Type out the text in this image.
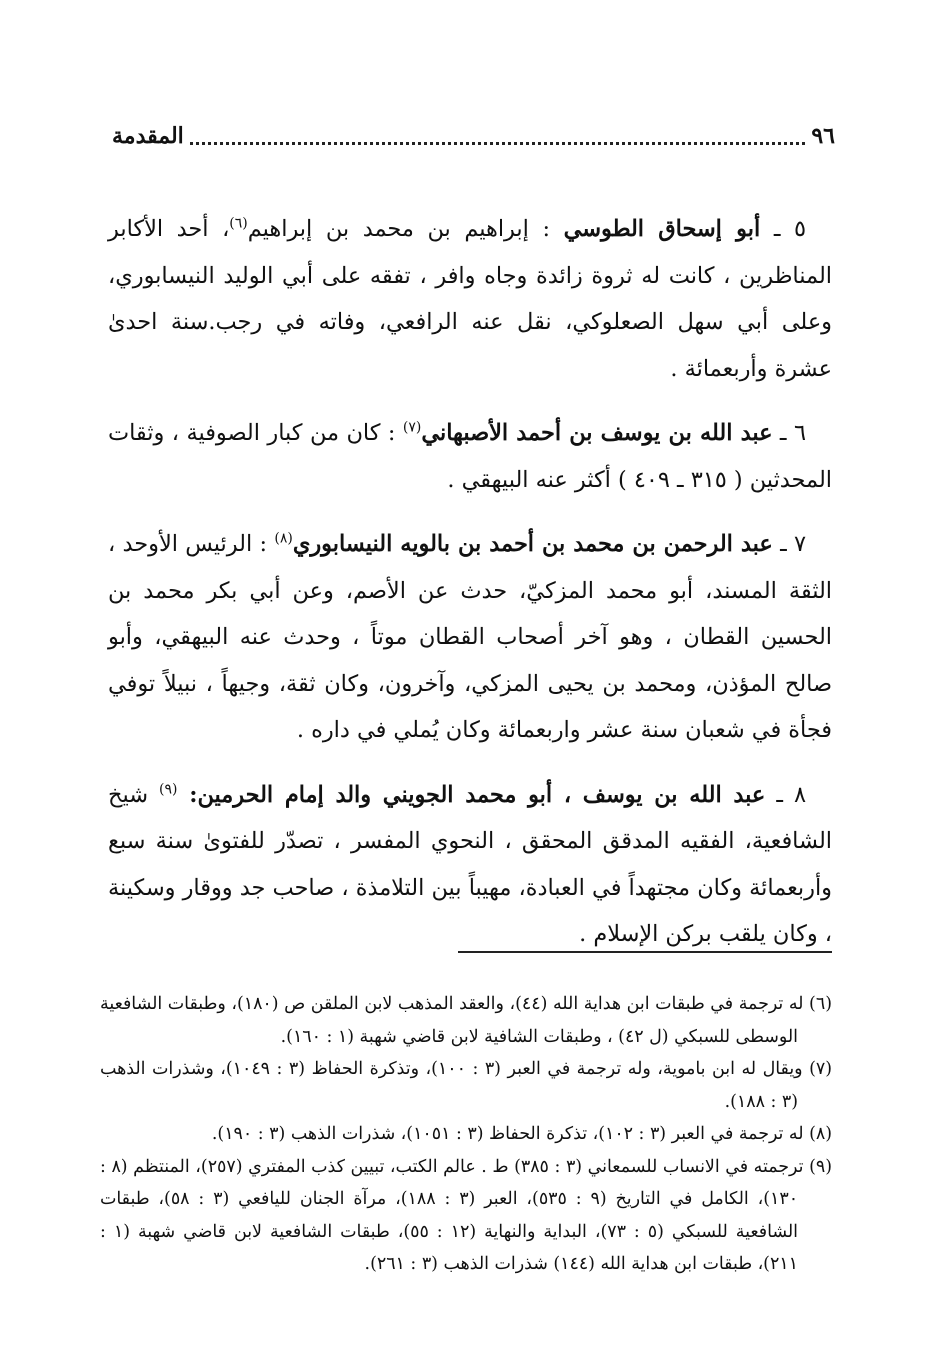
٩٦
المقدمة

٥ ـ أبو إسحاق الطوسي : إبراهيم بن محمد بن إبراهيم$^{(٦)}$، أحد الأكابر المناظرين ، كانت له ثروة زائدة وجاه وافر ، تفقه على أبي الوليد النيسابوري، وعلى أبي سهل الصعلوكي، نقل عنه الرافعي، وفاته في رجب.سنة احدىٰ عشرة وأربعمائة .

٦ ـ عبد الله بن يوسف بن أحمد الأصبهاني$^{(٧)}$ : كان من كبار الصوفية ، وثقات المحدثين ( ٣١٥ ـ ٤٠٩ ) أكثر عنه البيهقي .

٧ ـ عبد الرحمن بن محمد بن أحمد بن بالويه النيسابوري$^{(٨)}$ : الرئيس الأوحد ، الثقة المسند، أبو محمد المزكيّ، حدث عن الأصم، وعن أبي بكر محمد بن الحسين القطان ، وهو آخر أصحاب القطان موتاً ، وحدث عنه البيهقي، وأبو صالح المؤذن، ومحمد بن يحيى المزكي، وآخرون، وكان ثقة، وجيهاً ، نبيلاً توفي فجأة في شعبان سنة عشر واربعمائة وكان يُملي في داره .

٨ ـ عبد الله بن يوسف ، أبو محمد الجويني والد إمام الحرمين: $^{(٩)}$ شيخ الشافعية، الفقيه المدقق المحقق ، النحوي المفسر ، تصدّر للفتوىٰ سنة سبع وأربعمائة وكان مجتهداً في العبادة، مهيباً بين التلامذة ، صاحب جد ووقار وسكينة ، وكان يلقب بركن الإسلام .

(٦) له ترجمة في طبقات ابن هداية الله (٤٤)، والعقد المذهب لابن الملقن ص (١٨٠)، وطبقات الشافعية الوسطى للسبكي (ل ٤٢) ، وطبقات الشافية لابن قاضي شهبة (١ : ١٦٠).

(٧) ويقال له ابن باموية، وله ترجمة في العبر (٣ : ١٠٠)، وتذكرة الحفاظ (٣ : ١٠٤٩)، وشذرات الذهب (٣ : ١٨٨).

(٨) له ترجمة في العبر (٣ : ١٠٢)، تذكرة الحفاظ (٣ : ١٠٥١)، شذرات الذهب (٣ : ١٩٠).

(٩) ترجمته في الانساب للسمعاني (٣ : ٣٨٥) ط . عالم الكتب، تبيين كذب المفتري (٢٥٧)، المنتظم (٨ : ١٣٠)، الكامل في التاريخ (٩ : ٥٣٥)، العبر (٣ : ١٨٨)، مرآة الجنان لليافعي (٣ : ٥٨)، طبقات الشافعية للسبكي (٥ : ٧٣)، البداية والنهاية (١٢ : ٥٥)، طبقات الشافعية لابن قاضي شهبة (١ : ٢١١)، طبقات ابن هداية الله (١٤٤) شذرات الذهب (٣ : ٢٦١).
